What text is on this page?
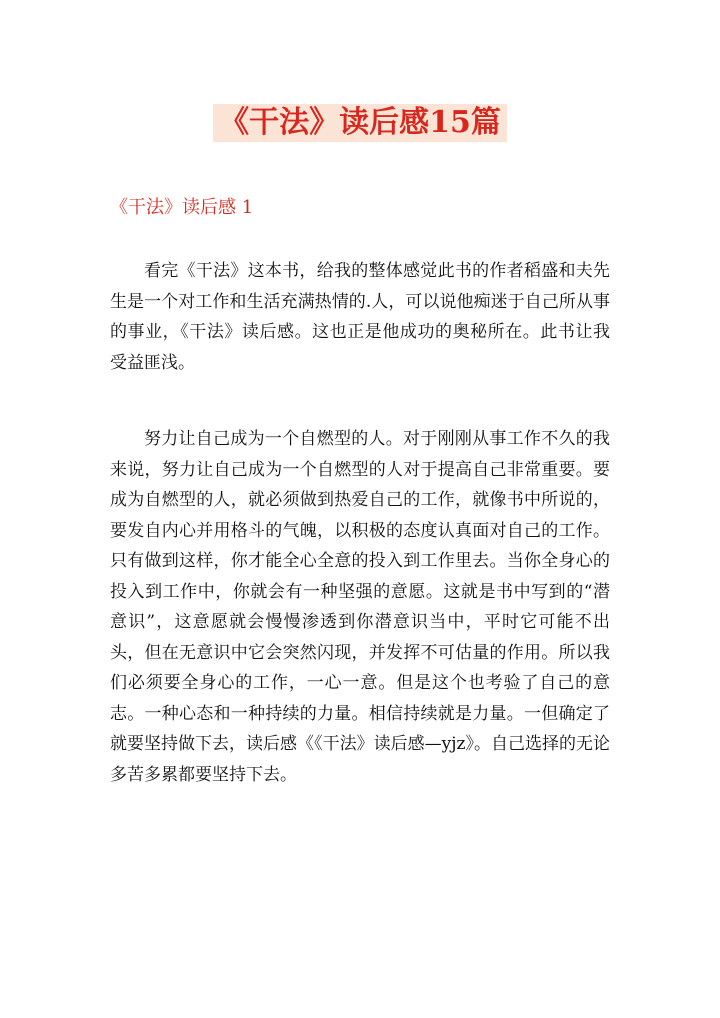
《干法》读后感15篇
《干法》读后感 1

看完《干法》这本书，给我的整体感觉此书的作者稻盛和夫先生是一个对工作和生活充满热情的.人，可以说他痴迷于自己所从事的事业，《干法》读后感。这也正是他成功的奥秘所在。此书让我受益匪浅。

努力让自己成为一个自燃型的人。对于刚刚从事工作不久的我来说，努力让自己成为一个自燃型的人对于提高自己非常重要。要成为自燃型的人，就必须做到热爱自己的工作，就像书中所说的，要发自内心并用格斗的气魄，以积极的态度认真面对自己的工作。只有做到这样，你才能全心全意的投入到工作里去。当你全身心的投入到工作中，你就会有一种坚强的意愿。这就是书中写到的“潜意识”，这意愿就会慢慢渗透到你潜意识当中，平时它可能不出头，但在无意识中它会突然闪现，并发挥不可估量的作用。所以我们必须要全身心的工作，一心一意。但是这个也考验了自己的意志。一种心态和一种持续的力量。相信持续就是力量。一但确定了就要坚持做下去，读后感《《干法》读后感—yjz》。自己选择的无论多苦多累都要坚持下去。
